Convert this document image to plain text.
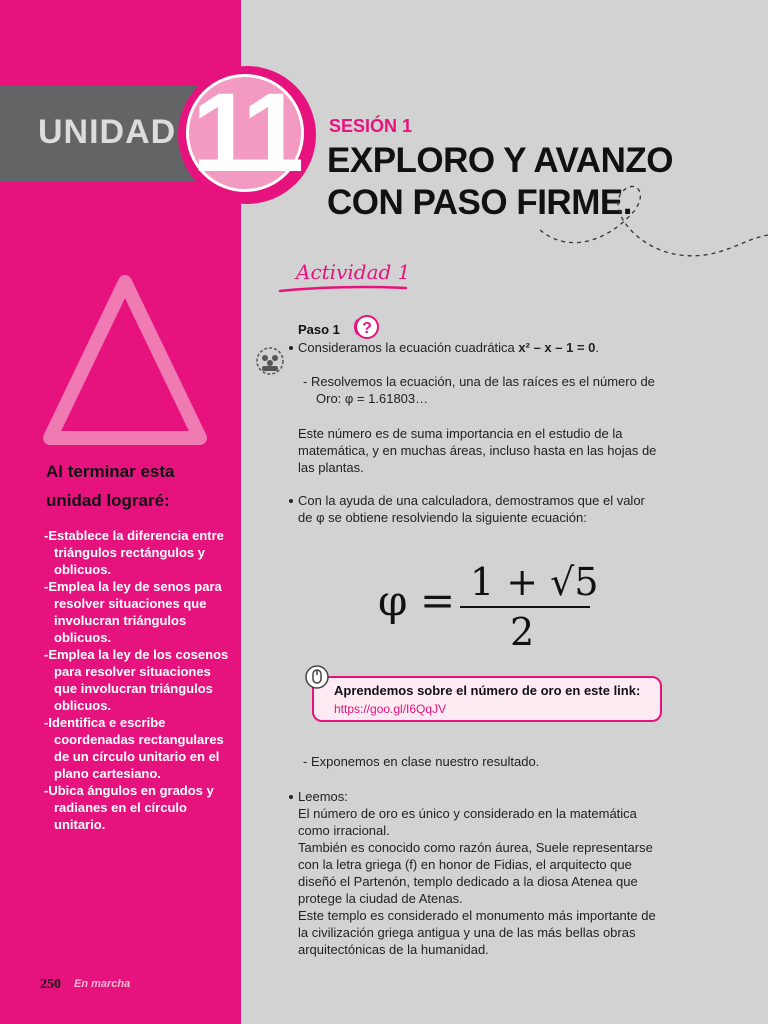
UNIDAD 11	SESIÓN 1
EXPLORO Y AVANZO
CON PASO FIRME.
Actividad 1
Al terminar esta unidad lograré:
-Establece la diferencia entre triángulos rectángulos y oblicuos.
-Emplea la ley de senos para resolver situaciones que involucran triángulos oblicuos.
-Emplea la ley de los cosenos para resolver situaciones que involucran triángulos oblicuos.
-Identifica e escribe coordenadas rectangulares de un círculo unitario en el plano cartesiano.
-Ubica ángulos en grados y radianes en el círculo unitario.
250 En marcha
Paso 1 ?
Consideramos la ecuación cuadrática x² – x – 1 = 0.
- Resolvemos la ecuación, una de las raíces es el número de
Oro: φ = 1.61803…
Este número es de suma importancia en el estudio de la
matemática, y en muchas áreas, incluso hasta en las hojas de
las plantas.
Con la ayuda de una calculadora, demostramos que el valor
de φ se obtiene resolviendo la siguiente ecuación:
φ = 1 + √5
2
Aprendemos sobre el número de oro en este link:
https://goo.gl/I6QqJV
- Exponemos en clase nuestro resultado.
Leemos:
El número de oro es único y considerado en la matemática
como irracional.
También es conocido como razón áurea, Suele representarse
con la letra griega (f) en honor de Fidias, el arquitecto que
diseñó el Partenón, templo dedicado a la diosa Atenea que
protege la ciudad de Atenas.
Este templo es considerado el monumento más importante de
la civilización griega antigua y una de las más bellas obras
arquitectónicas de la humanidad.
